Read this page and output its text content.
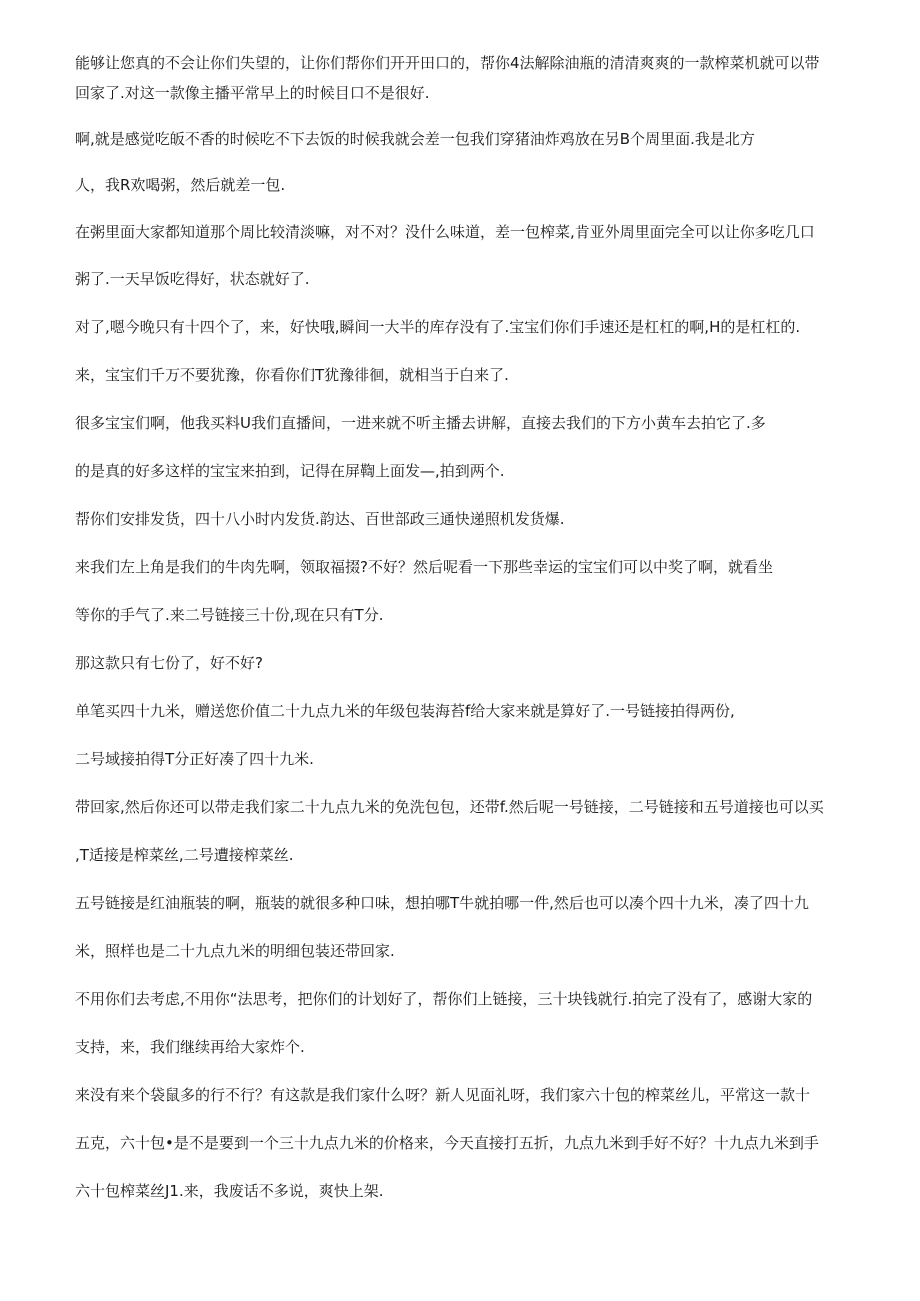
能够让您真的不会让你们失望的，让你们帮你们开开田口的，帮你4法解除油瓶的清清爽爽的一款榨菜机就可以带
回家了.对这一款像主播平常早上的时候目口不是很好.
啊,就是感觉吃皈不香的时候吃不下去饭的时候我就会差一包我们穿猪油炸鸡放在另B个周里面.我是北方
人，我R欢喝粥，然后就差一包.
在粥里面大家都知道那个周比较清淡嘛，对不对？没什么味道，差一包榨菜,肯亚外周里面完全可以让你多吃几口
粥了.一天早饭吃得好，状态就好了.
对了,嗯今晚只有十四个了，来，好快哦,瞬间一大半的库存没有了.宝宝们你们手速还是杠杠的啊,H的是杠杠的.
来，宝宝们千万不要犹豫，你看你们T犹豫徘徊，就相当于白来了.
很多宝宝们啊，他我买料U我们直播间，一进来就不听主播去讲解，直接去我们的下方小黄车去拍它了.多
的是真的好多这样的宝宝来拍到，记得在屏鞫上面发—,拍到两个.
帮你们安排发货，四十八小时内发货.韵达、百世部政三通快递照机发货爆.
来我们左上角是我们的牛肉先啊，领取福掇?不好？然后呢看一下那些幸运的宝宝们可以中奖了啊，就看坐
等你的手气了.来二号链接三十份,现在只有T分.
那这款只有七份了，好不好?
单笔买四十九米，赠送您价值二十九点九米的年级包装海苔f给大家来就是算好了.一号链接拍得两份,
二号域接拍得T分正好凑了四十九米.
带回家,然后你还可以带走我们家二十九点九米的免洗包包，还带f.然后呢一号链接，二号链接和五号道接也可以买
,T适接是榨菜丝,二号遭接榨菜丝.
五号链接是红油瓶装的啊，瓶装的就很多种口味，想拍哪T牛就拍哪一件,然后也可以凑个四十九米，凑了四十九
米，照样也是二十九点九米的明细包装还带回家.
不用你们去考虑,不用你“法思考，把你们的计划好了，帮你们上链接，三十块钱就行.拍完了没有了，感谢大家的
支持，来，我们继续再给大家炸个.
来没有来个袋鼠多的行不行？有这款是我们家什么呀？新人见面礼呀，我们家六十包的榨菜丝儿，平常这一款十
五克，六十包•是不是要到一个三十九点九米的价格来，今天直接打五折，九点九米到手好不好？十九点九米到手
六十包榨菜丝J1.来，我废话不多说，爽快上架.
